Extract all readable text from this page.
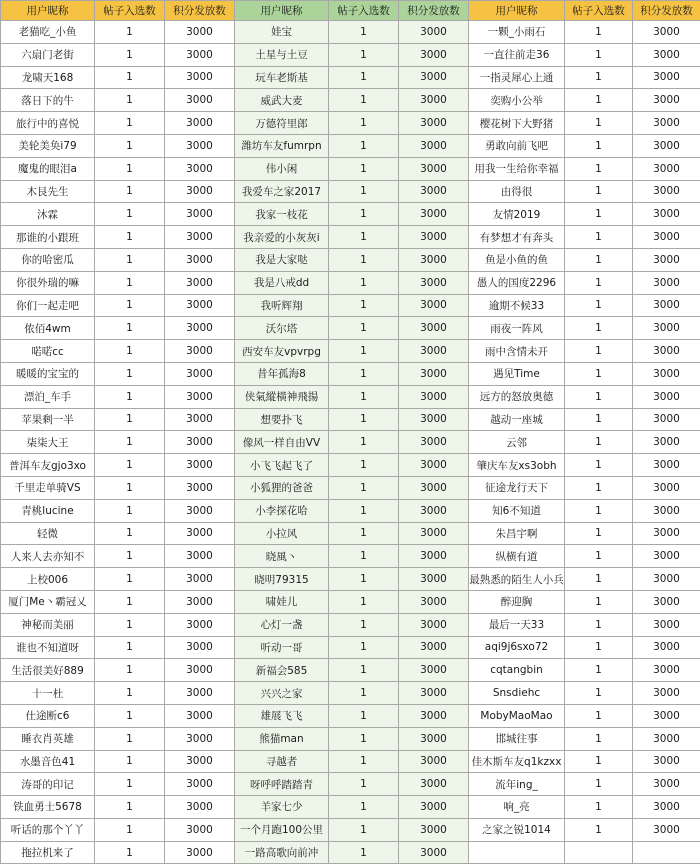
用户昵称	帖子入选数	积分发放数	用户昵称	帖子入选数	积分发放数	用户昵称	帖子入选数	积分发放数
老猫吃_小鱼	1	3000	娃宝	1	3000	一颗_小雨石	1	3000
六扇门老街	1	3000	土星与土豆	1	3000	一直往前走36	1	3000
龙啸天168	1	3000	玩车老斯基	1	3000	一指灵犀心上通	1	3000
落日下的牛	1	3000	威武大麦	1	3000	奕购小公举	1	3000
旅行中的喜悦	1	3000	万德符里郎	1	3000	樱花树下大野猪	1	3000
美轮美奂i79	1	3000	潍坊车友fumrpn	1	3000	勇敢向前飞吧	1	3000
魔鬼的眼泪a	1	3000	伟小闲	1	3000	用我一生给你幸福	1	3000
木艮先生	1	3000	我爱车之家2017	1	3000	由得很	1	3000
沐霖	1	3000	我家一枝花	1	3000	友情2019	1	3000
那谁的小跟班	1	3000	我亲爱的小灰灰i	1	3000	有梦想才有奔头	1	3000
你的哈密瓜	1	3000	我是大家哒	1	3000	鱼是小鱼的鱼	1	3000
你很外瑞的嘛	1	3000	我是八戒dd	1	3000	愚人的国度2296	1	3000
你们一起走吧	1	3000	我听辉翔	1	3000	逾期不候33	1	3000
侬佰4wm	1	3000	沃尔塔	1	3000	雨夜一阵风	1	3000
喏喏cc	1	3000	西安车友vpvrpg	1	3000	雨中含情未开	1	3000
暖暖的宝宝的	1	3000	昔年孤海8	1	3000	遇见Time	1	3000
漂泊_车手	1	3000	侠氣縱橫神飛揚	1	3000	远方的怒放奥德	1	3000
苹果剩一半	1	3000	想要扑飞	1	3000	越动一座城	1	3000
柒柒大王	1	3000	像风一样自由VV	1	3000	云邻	1	3000
普洱车友gjo3xo	1	3000	小飞飞起飞了	1	3000	肇庆车友xs3obh	1	3000
千里走单骑VS	1	3000	小狐狸的爸爸	1	3000	征途龙行天下	1	3000
青桃lucine	1	3000	小李探花哈	1	3000	知6不知道	1	3000
轻微	1	3000	小拉风	1	3000	朱昌宇啊	1	3000
人来人去亦知不	1	3000	晓風丶	1	3000	纵横有道	1	3000
上校006	1	3000	晓明79315	1	3000	最熟悉的陌生人小兵	1	3000
厦门Me丶霸冠乂	1	3000	啸娃儿	1	3000	醉迎胸	1	3000
神秘而美丽	1	3000	心灯一盏	1	3000	最后一天33	1	3000
谁也不知道呀	1	3000	听动一哥	1	3000	aqi9j6sxo72	1	3000
生活很美好889	1	3000	新福会585	1	3000	cqtangbin	1	3000
十一杜	1	3000	兴兴之家	1	3000	Snsdiehc	1	3000
仕途断c6	1	3000	雄展飞飞	1	3000	MobyMaoMao	1	3000
睡衣肖英雄	1	3000	熊猫man	1	3000	邯城往事	1	3000
水墨音色41	1	3000	寻越者	1	3000	佳木斯车友q1kzxx	1	3000
涛哥的印记	1	3000	呀呼呼踏踏青	1	3000	流年ing_	1	3000
铁血勇士5678	1	3000	羊家七少	1	3000	响_亮	1	3000
听话的那个丫丫	1	3000	一个月跑100公里	1	3000	之家之锐1014	1	3000
拖拉机来了	1	3000	一路高歌向前冲	1	3000			
